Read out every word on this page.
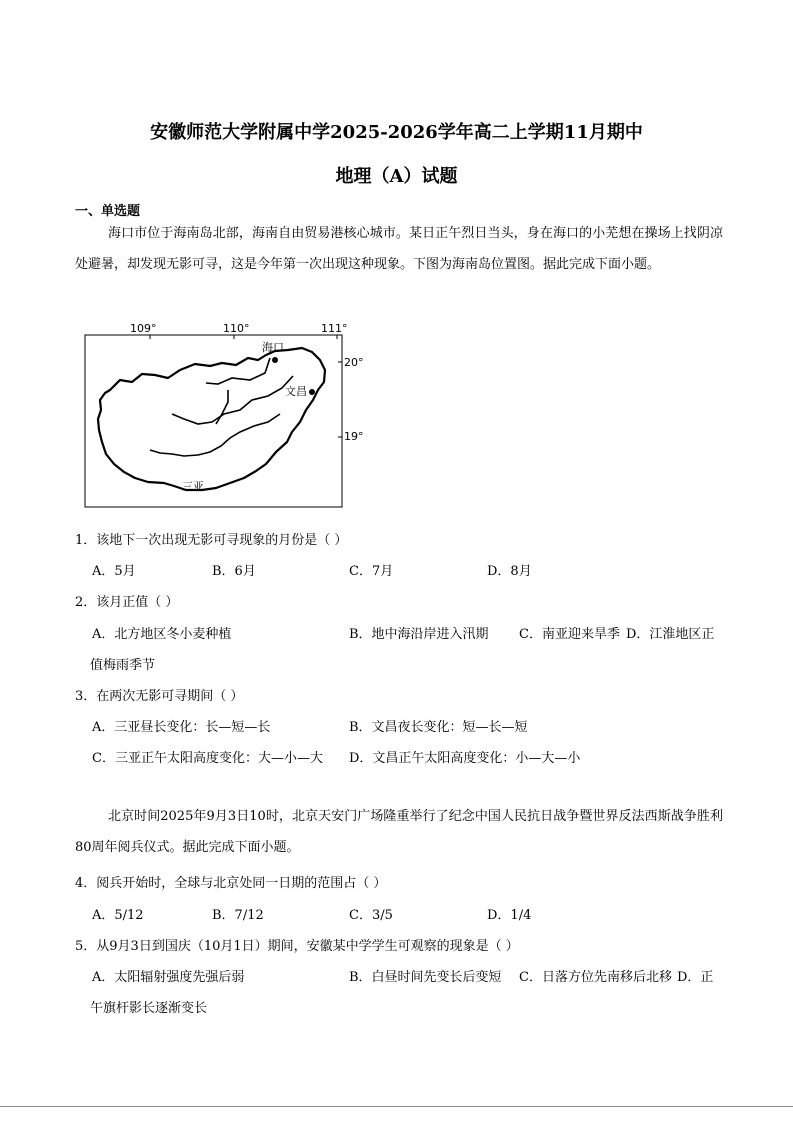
安徽师范大学附属中学2025-2026学年高二上学期11月期中
地理（A）试题
一、单选题
海口市位于海南岛北部，海南自由贸易港核心城市。某日正午烈日当头，身在海口的小芜想在操场上找阴凉处避暑，却发现无影可寻，这是今年第一次出现这种现象。下图为海南岛位置图。据此完成下面小题。
109°	110°	111°
20°
19°
海口
文昌
三亚
1．该地下一次出现无影可寻现象的月份是（ ）
A．5月	B．6月	C．7月	D．8月
2．该月正值（ ）
A．北方地区冬小麦种植	B．地中海沿岸进入汛期 C．南亚迎来旱季 D．江淮地区正
值梅雨季节
3．在两次无影可寻期间（ ）
A．三亚昼长变化：长—短—长	B．文昌夜长变化：短—长—短
C．三亚正午太阳高度变化：大—小—大 D．文昌正午太阳高度变化：小—大—小
北京时间2025年9月3日10时，北京天安门广场隆重举行了纪念中国人民抗日战争暨世界反法西斯战争胜利80周年阅兵仪式。据此完成下面小题。
4．阅兵开始时，全球与北京处同一日期的范围占（ ）
A．5/12	B．7/12	C．3/5	D．1/4
5．从9月3日到国庆（10月1日）期间，安徽某中学学生可观察的现象是（ ）
A．太阳辐射强度先强后弱	B．白昼时间先变长后变短 C．日落方位先南移后北移 D．正
午旗杆影长逐渐变长
